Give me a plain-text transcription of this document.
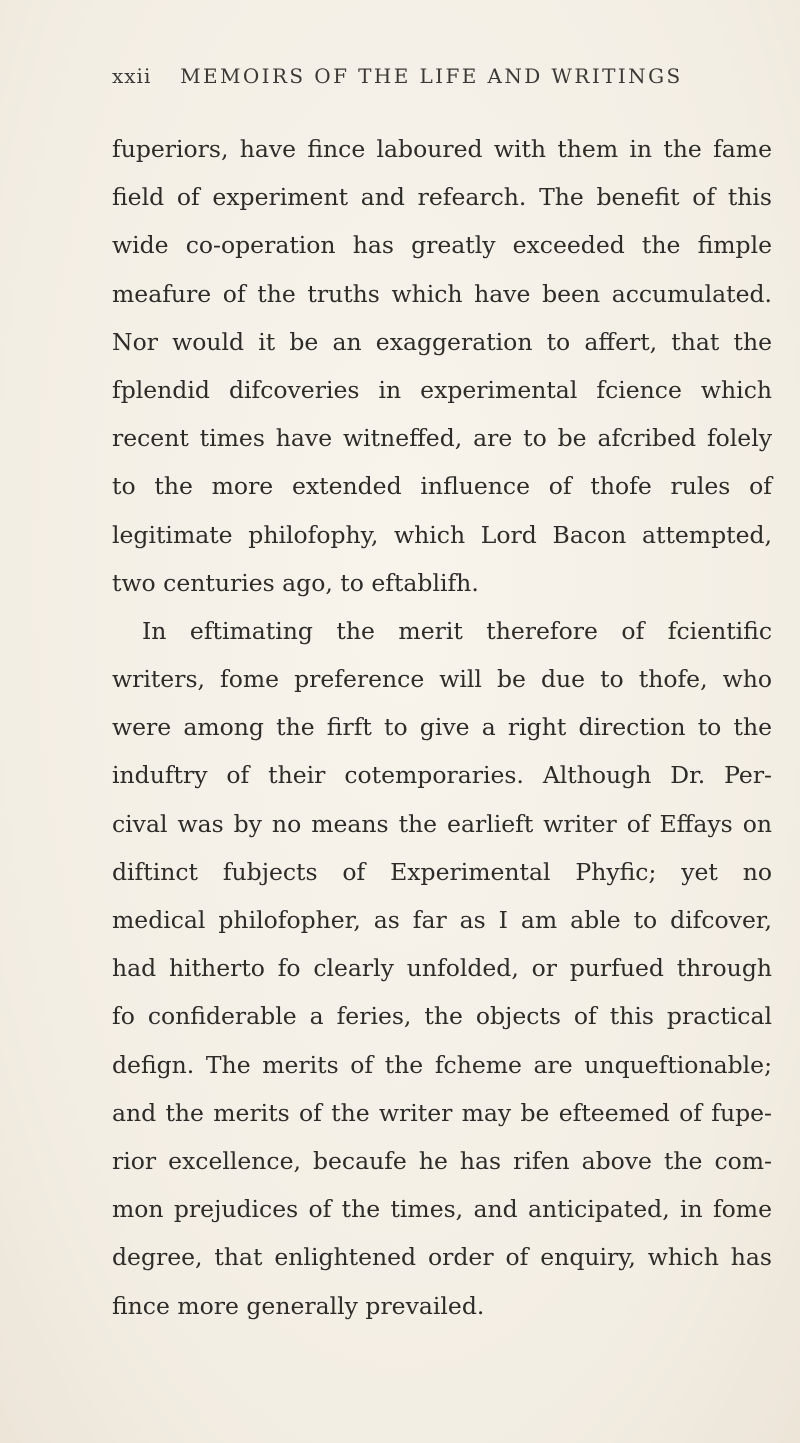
xxii MEMOIRS OF THE LIFE AND WRITINGS
fuperiors, have fince laboured with them in the fame
field of experiment and refearch. The benefit of this
wide co-operation has greatly exceeded the fimple
meafure of the truths which have been accumulated.
Nor would it be an exaggeration to affert, that the
fplendid difcoveries in experimental fcience which
recent times have witneffed, are to be afcribed folely
to the more extended influence of thofe rules of
legitimate philofophy, which Lord Bacon attempted,
two centuries ago, to eftablifh.
In eftimating the merit therefore of fcientific
writers, fome preference will be due to thofe, who
were among the firft to give a right direction to the
induftry of their cotemporaries. Although Dr. Per-
cival was by no means the earlieft writer of Effays on
diftinct fubjects of Experimental Phyfic; yet no
medical philofopher, as far as I am able to difcover,
had hitherto fo clearly unfolded, or purfued through
fo confiderable a feries, the objects of this practical
defign. The merits of the fcheme are unqueftionable;
and the merits of the writer may be efteemed of fupe-
rior excellence, becaufe he has rifen above the com-
mon prejudices of the times, and anticipated, in fome
degree, that enlightened order of enquiry, which has
fince more generally prevailed.
